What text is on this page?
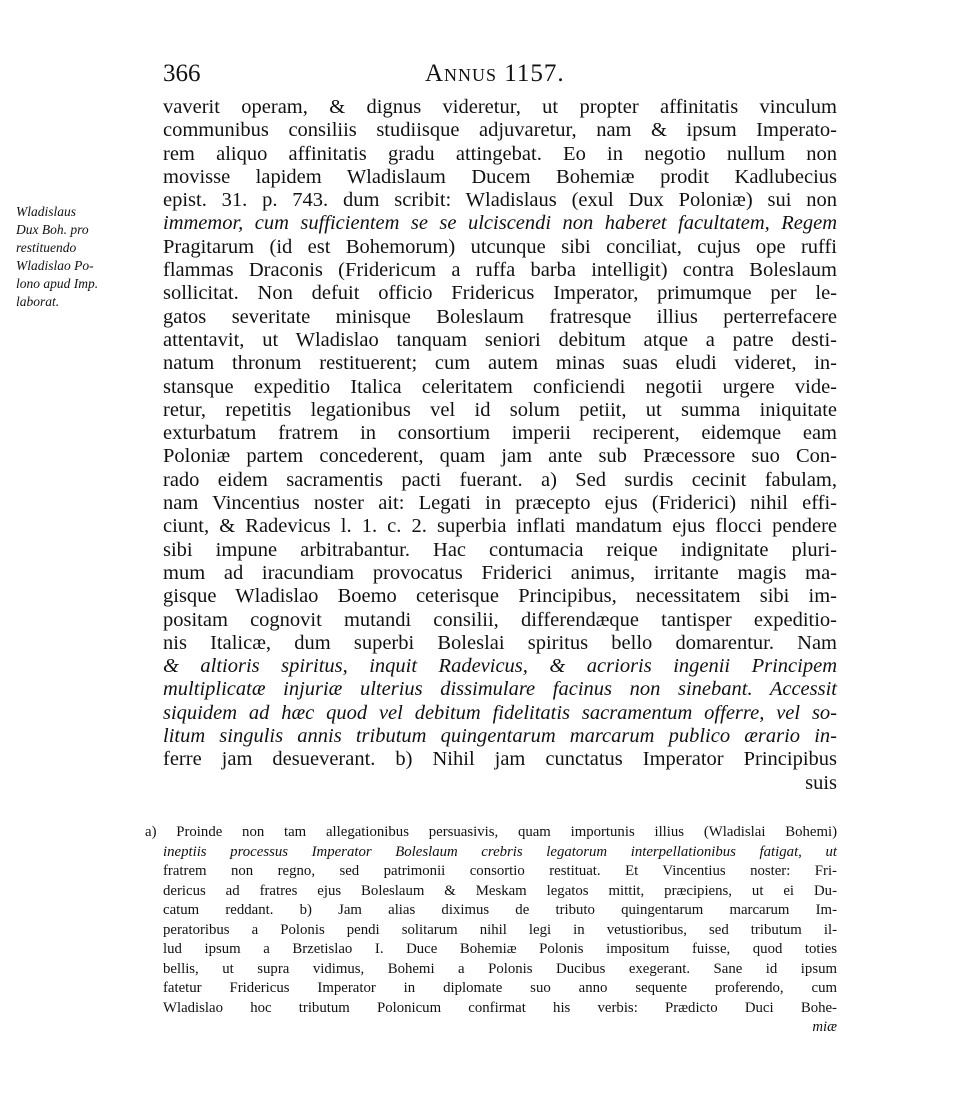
366	Annus 1157.
Wladislaus
Dux Boh. pro
restituendo
Wladislao Po-
lono apud Imp.
laborat.
vaverit operam, & dignus videretur, ut propter affinitatis vinculum
communibus consiliis studiisque adjuvaretur, nam & ipsum Imperato-
rem aliquo affinitatis gradu attingebat. Eo in negotio nullum non
movisse lapidem Wladislaum Ducem Bohemiæ prodit Kadlubecius
epist. 31. p. 743. dum scribit: Wladislaus (exul Dux Poloniæ) sui non
immemor, cum sufficientem se se ulciscendi non haberet facultatem, Regem
Pragitarum (id est Bohemorum) utcunque sibi conciliat, cujus ope ruffi
flammas Draconis (Fridericum a ruffa barba intelligit) contra Boleslaum
sollicitat. Non defuit officio Fridericus Imperator, primumque per le-
gatos severitate minisque Boleslaum fratresque illius perterrefacere
attentavit, ut Wladislao tanquam seniori debitum atque a patre desti-
natum thronum restituerent; cum autem minas suas eludi videret, in-
stansque expeditio Italica celeritatem conficiendi negotii urgere vide-
retur, repetitis legationibus vel id solum petiit, ut summa iniquitate
exturbatum fratrem in consortium imperii reciperent, eidemque eam
Poloniæ partem concederent, quam jam ante sub Præcessore suo Con-
rado eidem sacramentis pacti fuerant. a) Sed surdis cecinit fabulam,
nam Vincentius noster ait: Legati in præcepto ejus (Friderici) nihil effi-
ciunt, & Radevicus l. 1. c. 2. superbia inflati mandatum ejus flocci pendere
sibi impune arbitrabantur. Hac contumacia reique indignitate pluri-
mum ad iracundiam provocatus Friderici animus, irritante magis ma-
gisque Wladislao Boemo ceterisque Principibus, necessitatem sibi im-
positam cognovit mutandi consilii, differendæque tantisper expeditio-
nis Italicæ, dum superbi Boleslai spiritus bello domarentur. Nam
& altioris spiritus, inquit Radevicus, & acrioris ingenii Principem
multiplicatæ injuriæ ulterius dissimulare facinus non sinebant. Accessit
siquidem ad hæc quod vel debitum fidelitatis sacramentum offerre, vel so-
litum singulis annis tributum quingentarum marcarum publico ærario in-
ferre jam desueverant. b) Nihil jam cunctatus Imperator Principibus
suis
a) Proinde non tam allegationibus persuasivis, quam importunis illius (Wladislai Bohemi)
ineptiis processus Imperator Boleslaum crebris legatorum interpellationibus fatigat, ut
fratrem non regno, sed patrimonii consortio restituat. Et Vincentius noster: Fri-
dericus ad fratres ejus Boleslaum & Meskam legatos mittit, præcipiens, ut ei Du-
catum reddant. b) Jam alias diximus de tributo quingentarum marcarum Im-
peratoribus a Polonis pendi solitarum nihil legi in vetustioribus, sed tributum il-
lud ipsum a Brzetislao I. Duce Bohemiæ Polonis impositum fuisse, quod toties
bellis, ut supra vidimus, Bohemi a Polonis Ducibus exegerant. Sane id ipsum
fatetur Fridericus Imperator in diplomate suo anno sequente proferendo, cum
Wladislao hoc tributum Polonicum confirmat his verbis: Prædicto Duci Bohe-
miæ
